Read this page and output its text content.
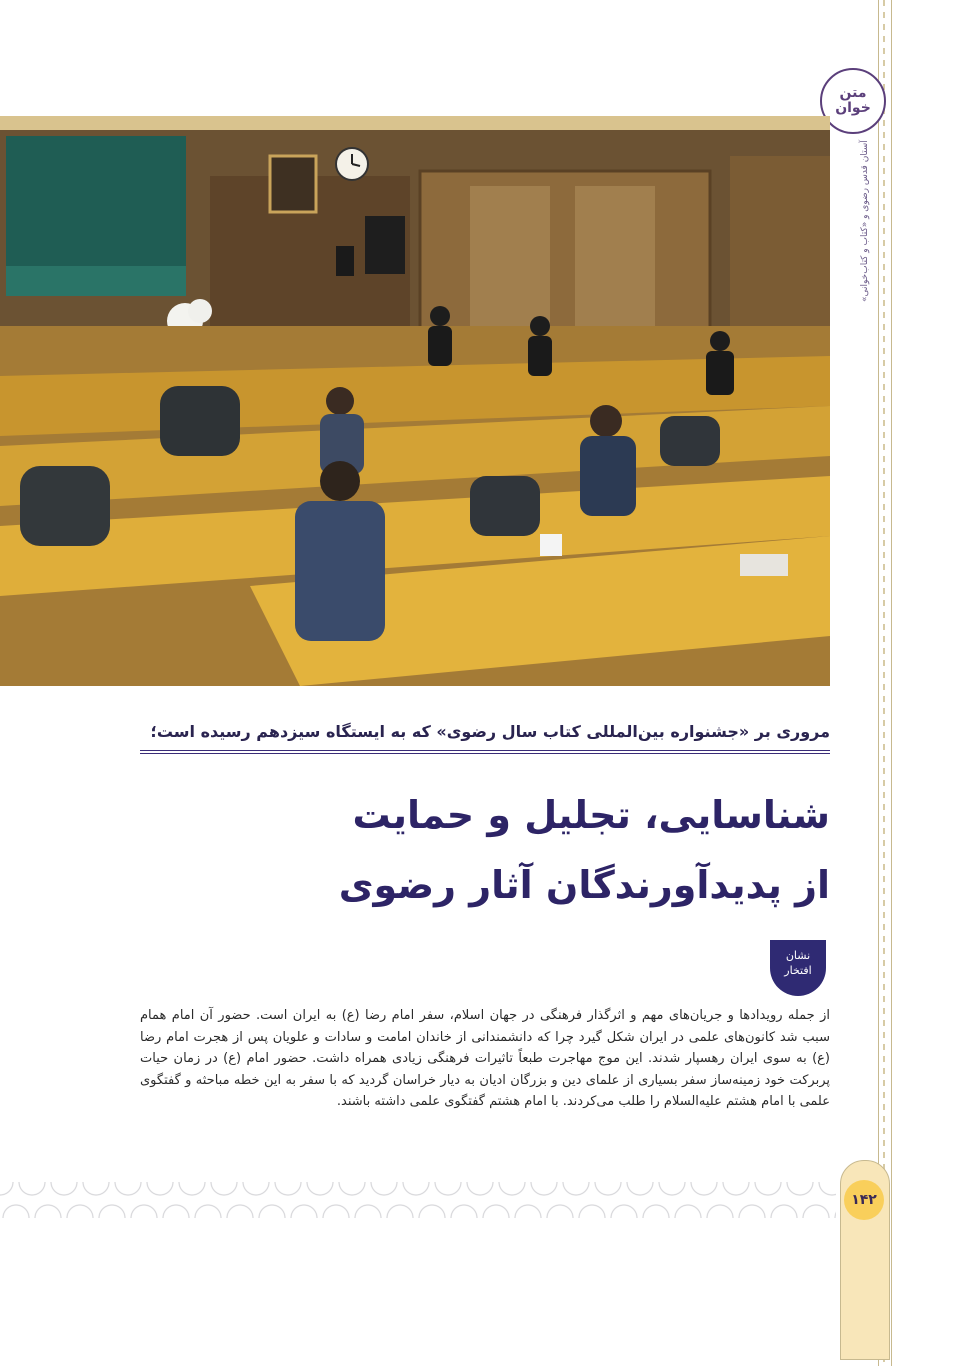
متن خوان
آستان قدس رضوی و «کتاب و کتاب‌خوانی»
۱۴۲
مروری بر «جشنواره بین‌المللی کتاب سال رضوی» که به ایستگاه سیزدهم رسیده است؛
شناسایی، تجلیل و حمایت
از پدیدآورندگان آثار رضوی
نشان
افتخار
از جمله رویدادها و جریان‌های مهم و اثرگذار فرهنگی در جهان اسلام، سفر امام رضا (ع) به ایران است. حضور آن امام همام سبب شد کانون‌های علمی در ایران شکل گیرد چرا که دانشمندانی از خاندان امامت و سادات و علویان پس از هجرت امام رضا (ع) به سوی ایران رهسپار شدند. این موج مهاجرت طبعاً تاثیرات فرهنگی زیادی همراه داشت. حضور امام (ع) در زمان حیات پربرکت خود زمینه‌ساز سفر بسیاری از علمای دین و بزرگان ادیان به دیار خراسان گردید که با سفر به این خطه مباحثه و گفتگوی علمی با امام هشتم علیه‌السلام را طلب می‌کردند. با امام هشتم گفتگوی علمی داشته باشند.
